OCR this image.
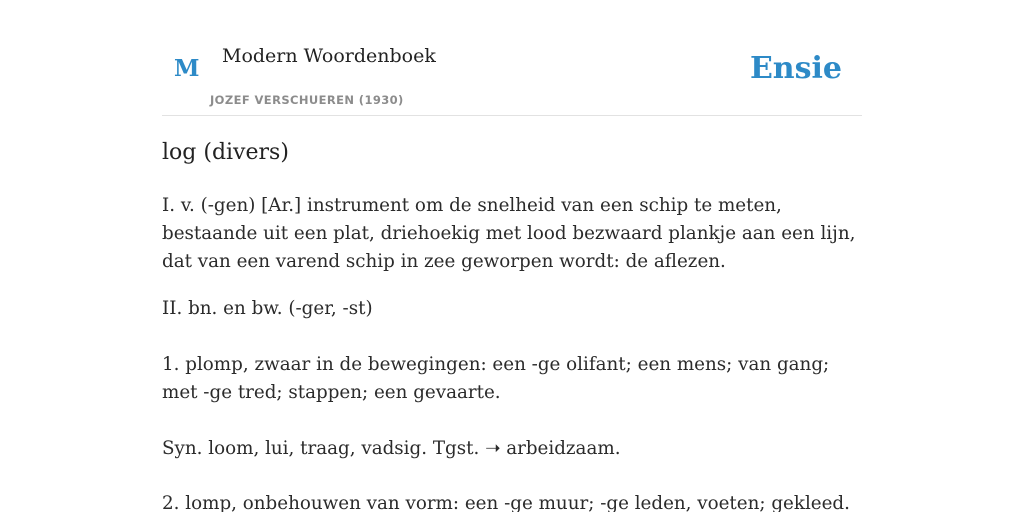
M Modern Woordenboek
JOZEF VERSCHUEREN (1930)
Ensie
log (divers)
I. v. (-gen) [Ar.] instrument om de snelheid van een schip te meten, bestaande uit een plat, driehoekig met lood bezwaard plankje aan een lijn, dat van een varend schip in zee geworpen wordt: de aflezen.
II. bn. en bw. (-ger, -st)
1. plomp, zwaar in de bewegingen: een -ge olifant; een mens; van gang; met -ge tred; stappen; een gevaarte.
Syn. loom, lui, traag, vadsig. Tgst. ➝ arbeidzaam.
2. lomp, onbehouwen van vorm: een -ge muur; -ge leden, voeten; gekleed.
